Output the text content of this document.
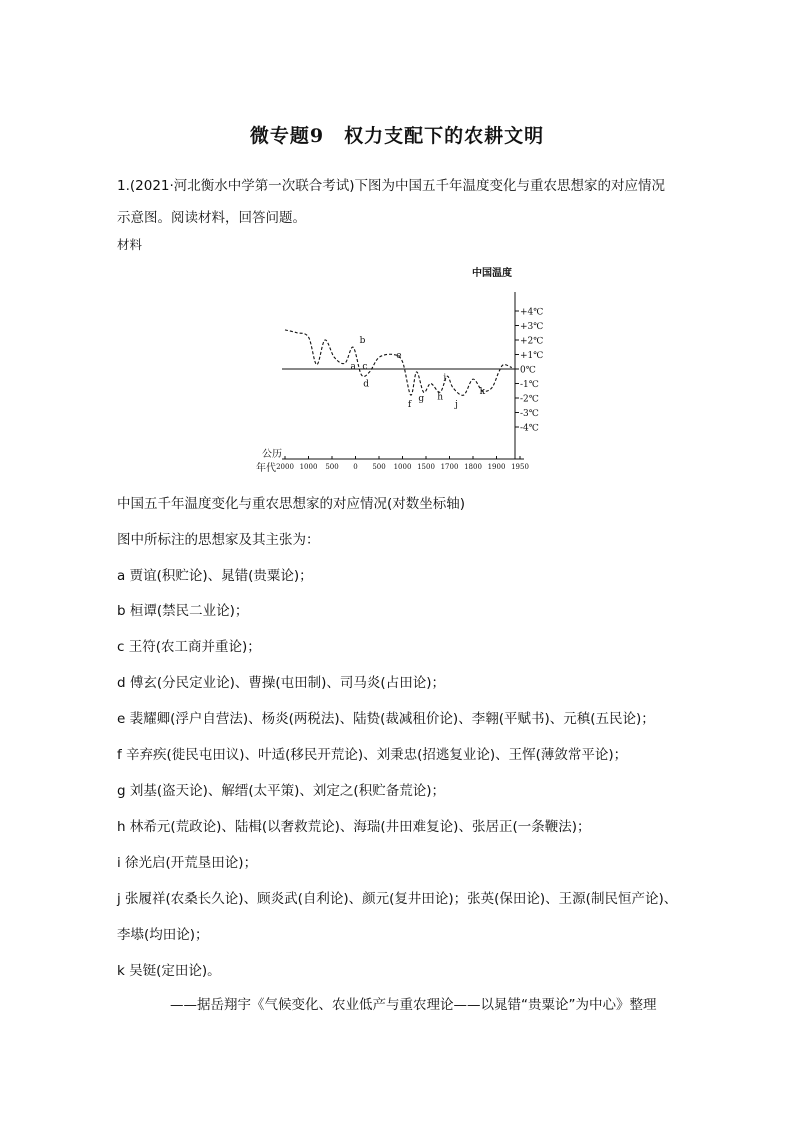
微专题9 权力支配下的农耕文明
1.(2021·河北衡水中学第一次联合考试)下图为中国五千年温度变化与重农思想家的对应情况
示意图。阅读材料，回答问题。
材料
中国温度
公历
年代
+4℃
+3℃
+2℃
+1℃
0℃
-1℃
-2℃
-3℃
-4℃
2000 1000 500 0 500 1000 1500 1700 1800 1900 1950
a
b
c
d
e
f
g h
i
j
k
中国五千年温度变化与重农思想家的对应情况(对数坐标轴)
图中所标注的思想家及其主张为：
a 贾谊(积贮论)、晁错(贵粟论)；
b 桓谭(禁民二业论)；
c 王符(农工商并重论)；
d 傅玄(分民定业论)、曹操(屯田制)、司马炎(占田论)；
e 裴耀卿(浮户自营法)、杨炎(两税法)、陆贽(裁减租价论)、李翱(平赋书)、元稹(五民论)；
f 辛弃疾(徙民屯田议)、叶适(移民开荒论)、刘秉忠(招逃复业论)、王恽(薄敛常平论)；
g 刘基(盗天论)、解缙(太平策)、刘定之(积贮备荒论)；
h 林希元(荒政论)、陆楫(以奢救荒论)、海瑞(井田难复论)、张居正(一条鞭法)；
i 徐光启(开荒垦田论)；
j 张履祥(农桑长久论)、顾炎武(自利论)、颜元(复井田论)；张英(保田论)、王源(制民恒产论)、
李塨(均田论)；
k 吴铤(定田论)。
——据岳翔宇《气候变化、农业低产与重农理论——以晁错“贵粟论”为中心》整理
